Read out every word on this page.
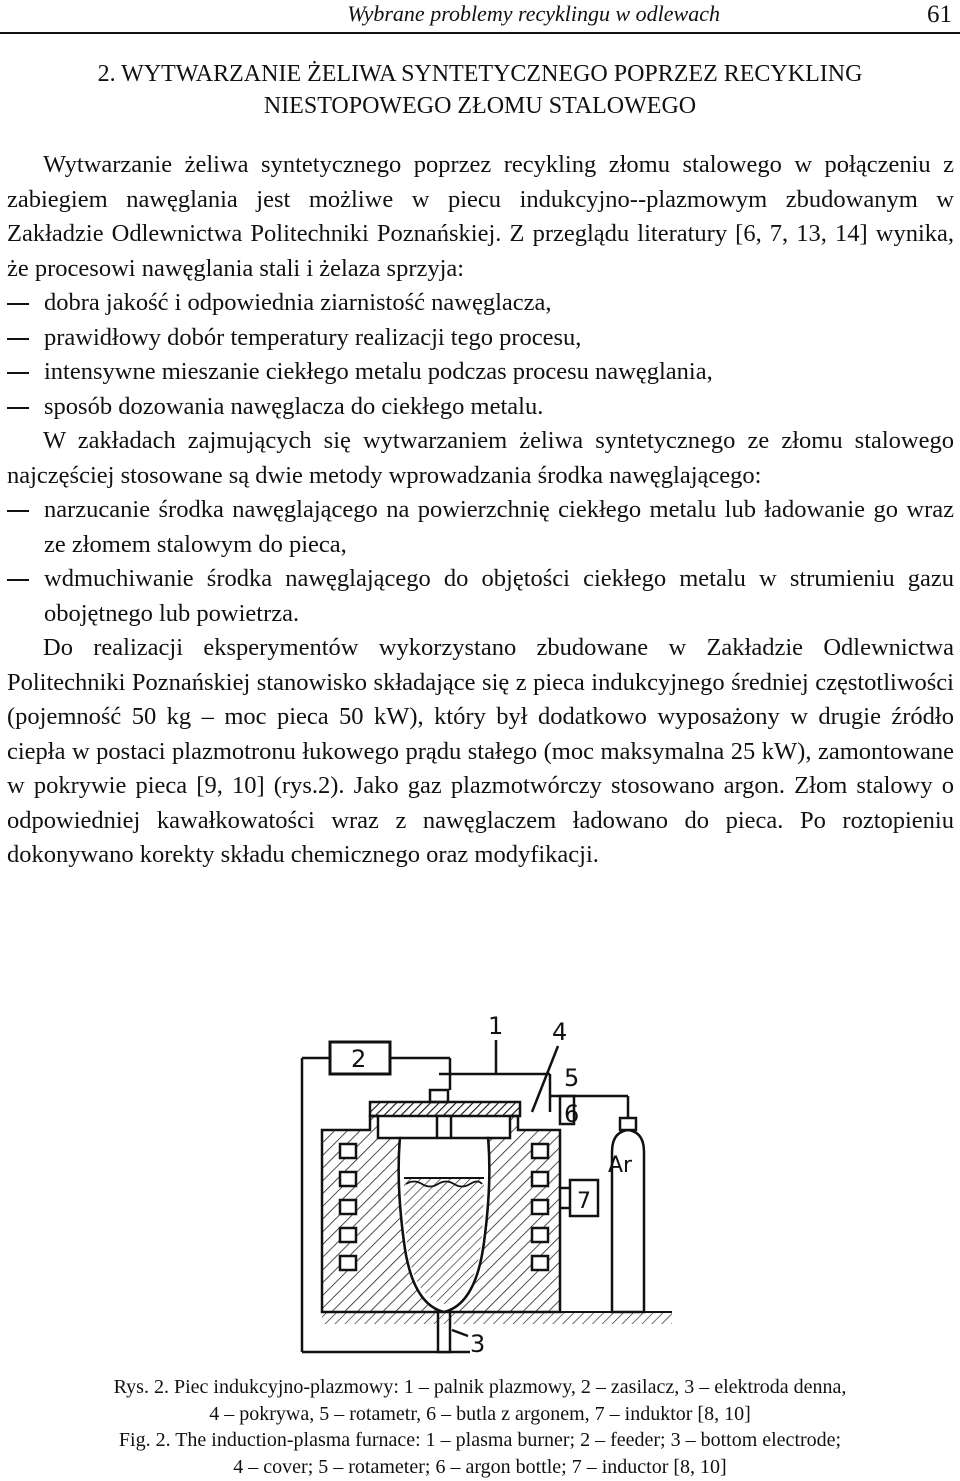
Wybrane problemy recyklingu w odlewach	61
2. WYTWARZANIE ŻELIWA SYNTETYCZNEGO POPRZEZ RECYKLING
NIESTOPOWEGO ZŁOMU STALOWEGO

Wytwarzanie żeliwa syntetycznego poprzez recykling złomu stalowego w połączeniu z zabiegiem nawęglania jest możliwe w piecu indukcyjno--plazmowym zbudowanym w Zakładzie Odlewnictwa Politechniki Poznańskiej. Z przeglądu literatury [6, 7, 13, 14] wynika, że procesowi nawęglania stali i żelaza sprzyja:

dobra jakość i odpowiednia ziarnistość nawęglacza,
prawidłowy dobór temperatury realizacji tego procesu,
intensywne mieszanie ciekłego metalu podczas procesu nawęglania,
sposób dozowania nawęglacza do ciekłego metalu.

W zakładach zajmujących się wytwarzaniem żeliwa syntetycznego ze złomu stalowego najczęściej stosowane są dwie metody wprowadzania środka nawęglającego:

narzucanie środka nawęglającego na powierzchnię ciekłego metalu lub ładowanie go wraz ze złomem stalowym do pieca,
wdmuchiwanie środka nawęglającego do objętości ciekłego metalu w strumieniu gazu obojętnego lub powietrza.

Do realizacji eksperymentów wykorzystano zbudowane w Zakładzie Odlewnictwa Politechniki Poznańskiej stanowisko składające się z pieca indukcyjnego średniej częstotliwości (pojemność 50 kg – moc pieca 50 kW), który był dodatkowo wyposażony w drugie źródło ciepła w postaci plazmotronu łukowego prądu stałego (moc maksymalna 25 kW), zamontowane w pokrywie pieca [9, 10] (rys.2). Jako gaz plazmotwórczy stosowano argon. Złom stalowy o odpowiedniej kawałkowatości wraz z nawęglaczem ładowano do pieca. Po roztopieniu dokonywano korekty składu chemicznego oraz modyfikacji.

2
1 4
3
7
5
6
Ar
Rys. 2. Piec indukcyjno-plazmowy: 1 – palnik plazmowy, 2 – zasilacz, 3 – elektroda denna,
4 – pokrywa, 5 – rotametr, 6 – butla z argonem, 7 – induktor [8, 10]
Fig. 2. The induction-plasma furnace: 1 – plasma burner; 2 – feeder; 3 – bottom electrode;
4 – cover; 5 – rotameter; 6 – argon bottle; 7 – inductor [8, 10]
